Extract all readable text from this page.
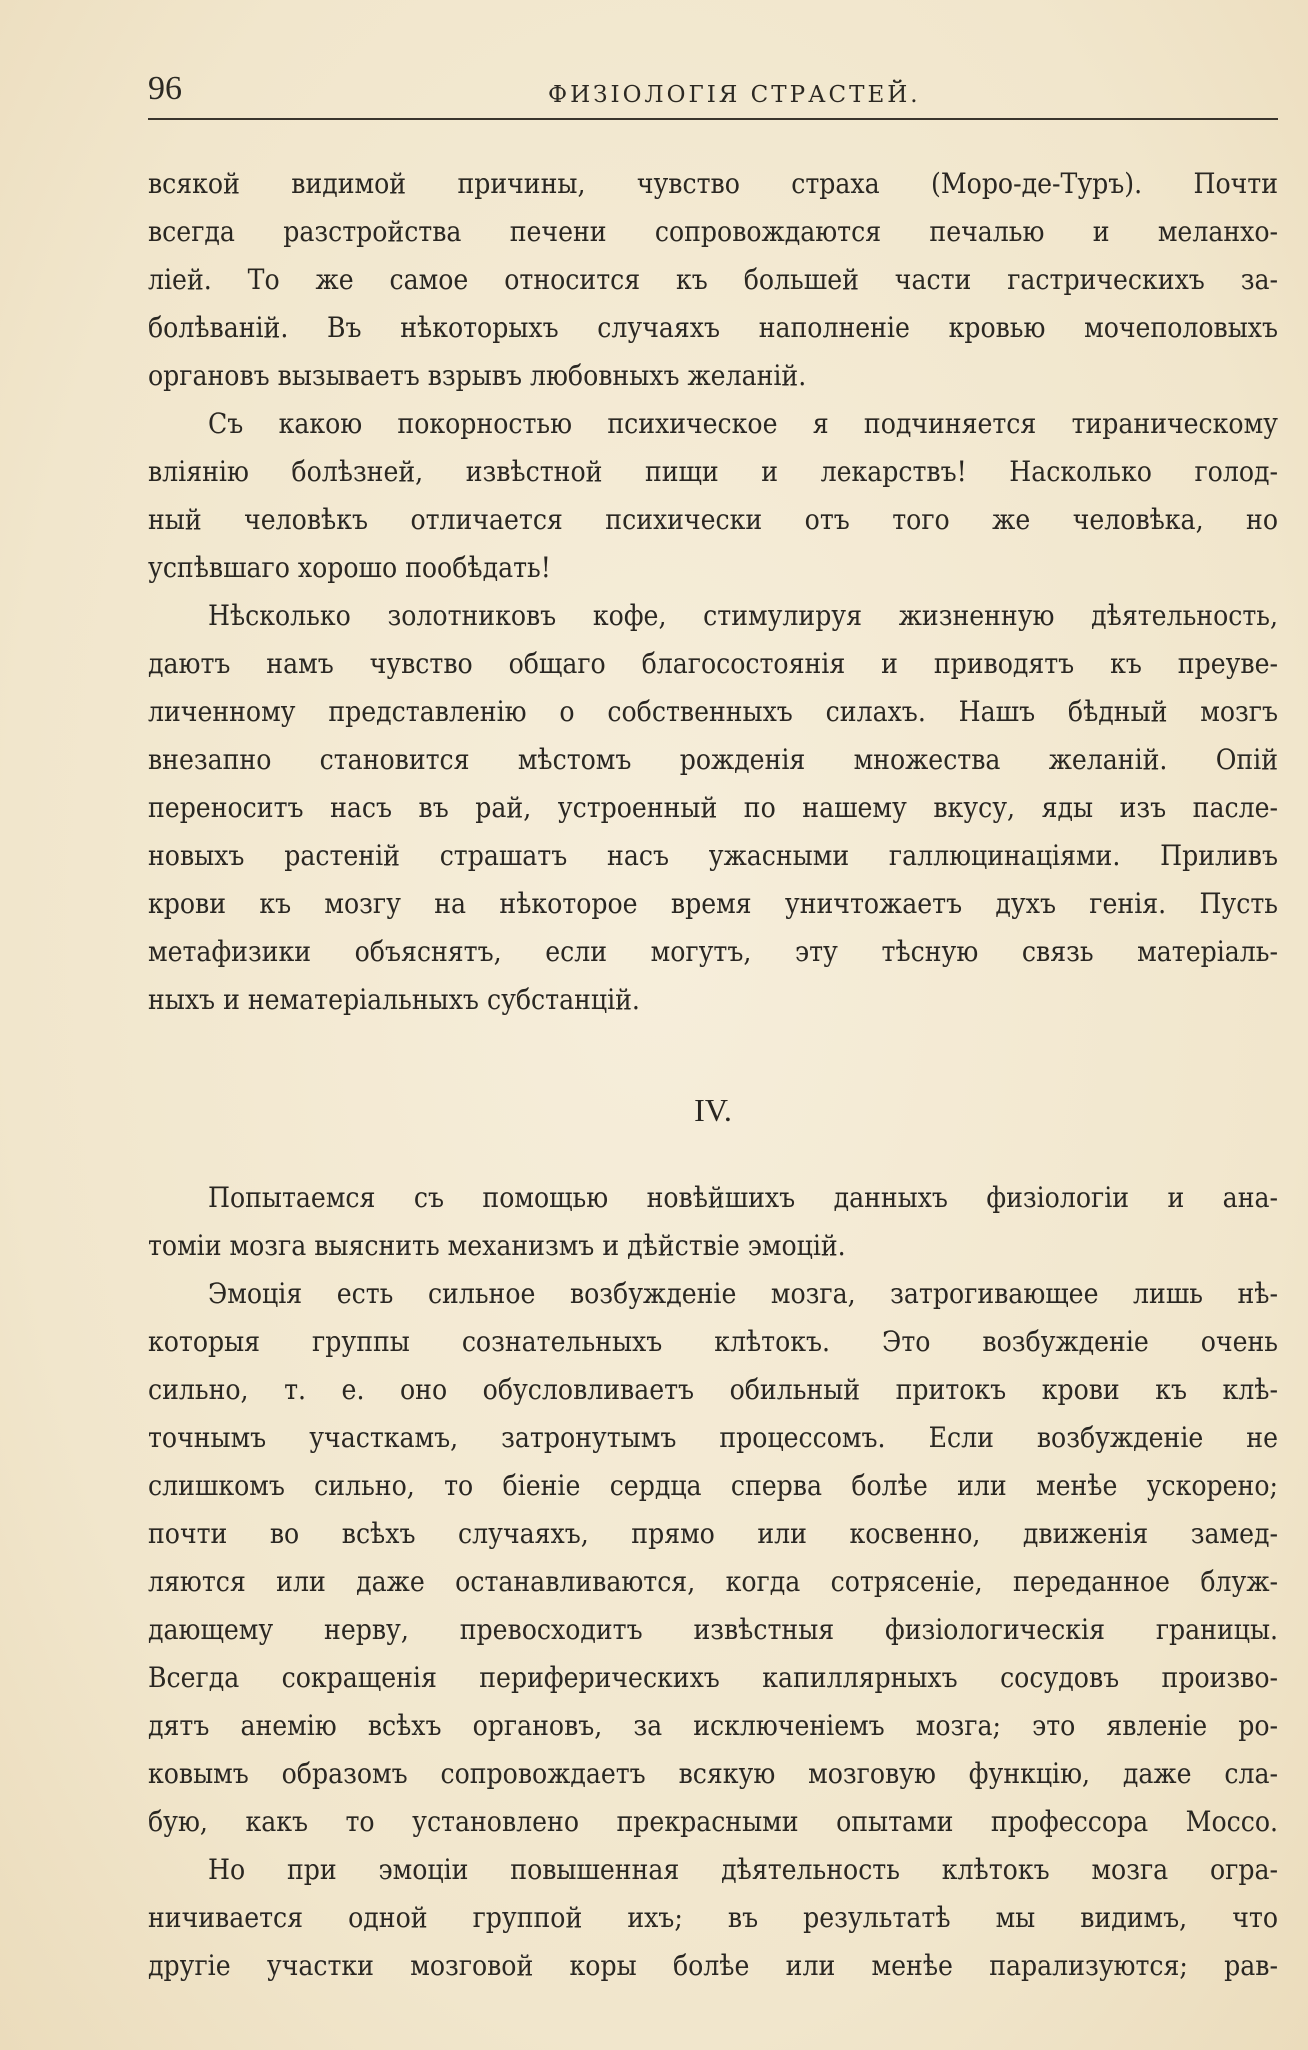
96	ФИЗІОЛОГІЯ СТРАСТЕЙ.

всякой видимой причины, чувство страха (Моро-де-Туръ). Почти
всегда разстройства печени сопровождаются печалью и меланхо-
ліей. То же самое относится къ большей части гастрическихъ за-
болѣваній. Въ нѣкоторыхъ случаяхъ наполненіе кровью мочеполовыхъ
органовъ вызываетъ взрывъ любовныхъ желаній.

Съ какою покорностью психическое я подчиняется тираническому
вліянію болѣзней, извѣстной пищи и лекарствъ! Насколько голод-
ный человѣкъ отличается психически отъ того же человѣка, но
успѣвшаго хорошо пообѣдать!

Нѣсколько золотниковъ кофе, стимулируя жизненную дѣятельность,
даютъ намъ чувство общаго благосостоянія и приводятъ къ преуве-
личенному представленію о собственныхъ силахъ. Нашъ бѣдный мозгъ
внезапно становится мѣстомъ рожденія множества желаній. Опій
переноситъ насъ въ рай, устроенный по нашему вкусу, яды изъ пасле-
новыхъ растеній страшатъ насъ ужасными галлюцинаціями. Приливъ
крови къ мозгу на нѣкоторое время уничтожаетъ духъ генія. Пусть
метафизики объяснятъ, если могутъ, эту тѣсную связь матеріаль-
ныхъ и нематеріальныхъ субстанцій.

IV.

Попытаемся съ помощью новѣйшихъ данныхъ физіологіи и ана-
томіи мозга выяснить механизмъ и дѣйствіе эмоцій.

Эмоція есть сильное возбужденіе мозга, затрогивающее лишь нѣ-
которыя группы сознательныхъ клѣтокъ. Это возбужденіе очень
сильно, т. е. оно обусловливаетъ обильный притокъ крови къ клѣ-
точнымъ участкамъ, затронутымъ процессомъ. Если возбужденіе не
слишкомъ сильно, то біеніе сердца сперва болѣе или менѣе ускорено;
почти во всѣхъ случаяхъ, прямо или косвенно, движенія замед-
ляются или даже останавливаются, когда сотрясеніе, переданное блуж-
дающему нерву, превосходитъ извѣстныя физіологическія границы.
Всегда сокращенія периферическихъ капиллярныхъ сосудовъ произво-
дятъ анемію всѣхъ органовъ, за исключеніемъ мозга; это явленіе ро-
ковымъ образомъ сопровождаетъ всякую мозговую функцію, даже сла-
бую, какъ то установлено прекрасными опытами профессора Моссо.

Но при эмоціи повышенная дѣятельность клѣтокъ мозга огра-
ничивается одной группой ихъ; въ результатѣ мы видимъ, что
другіе участки мозговой коры болѣе или менѣе парализуются; рав-
